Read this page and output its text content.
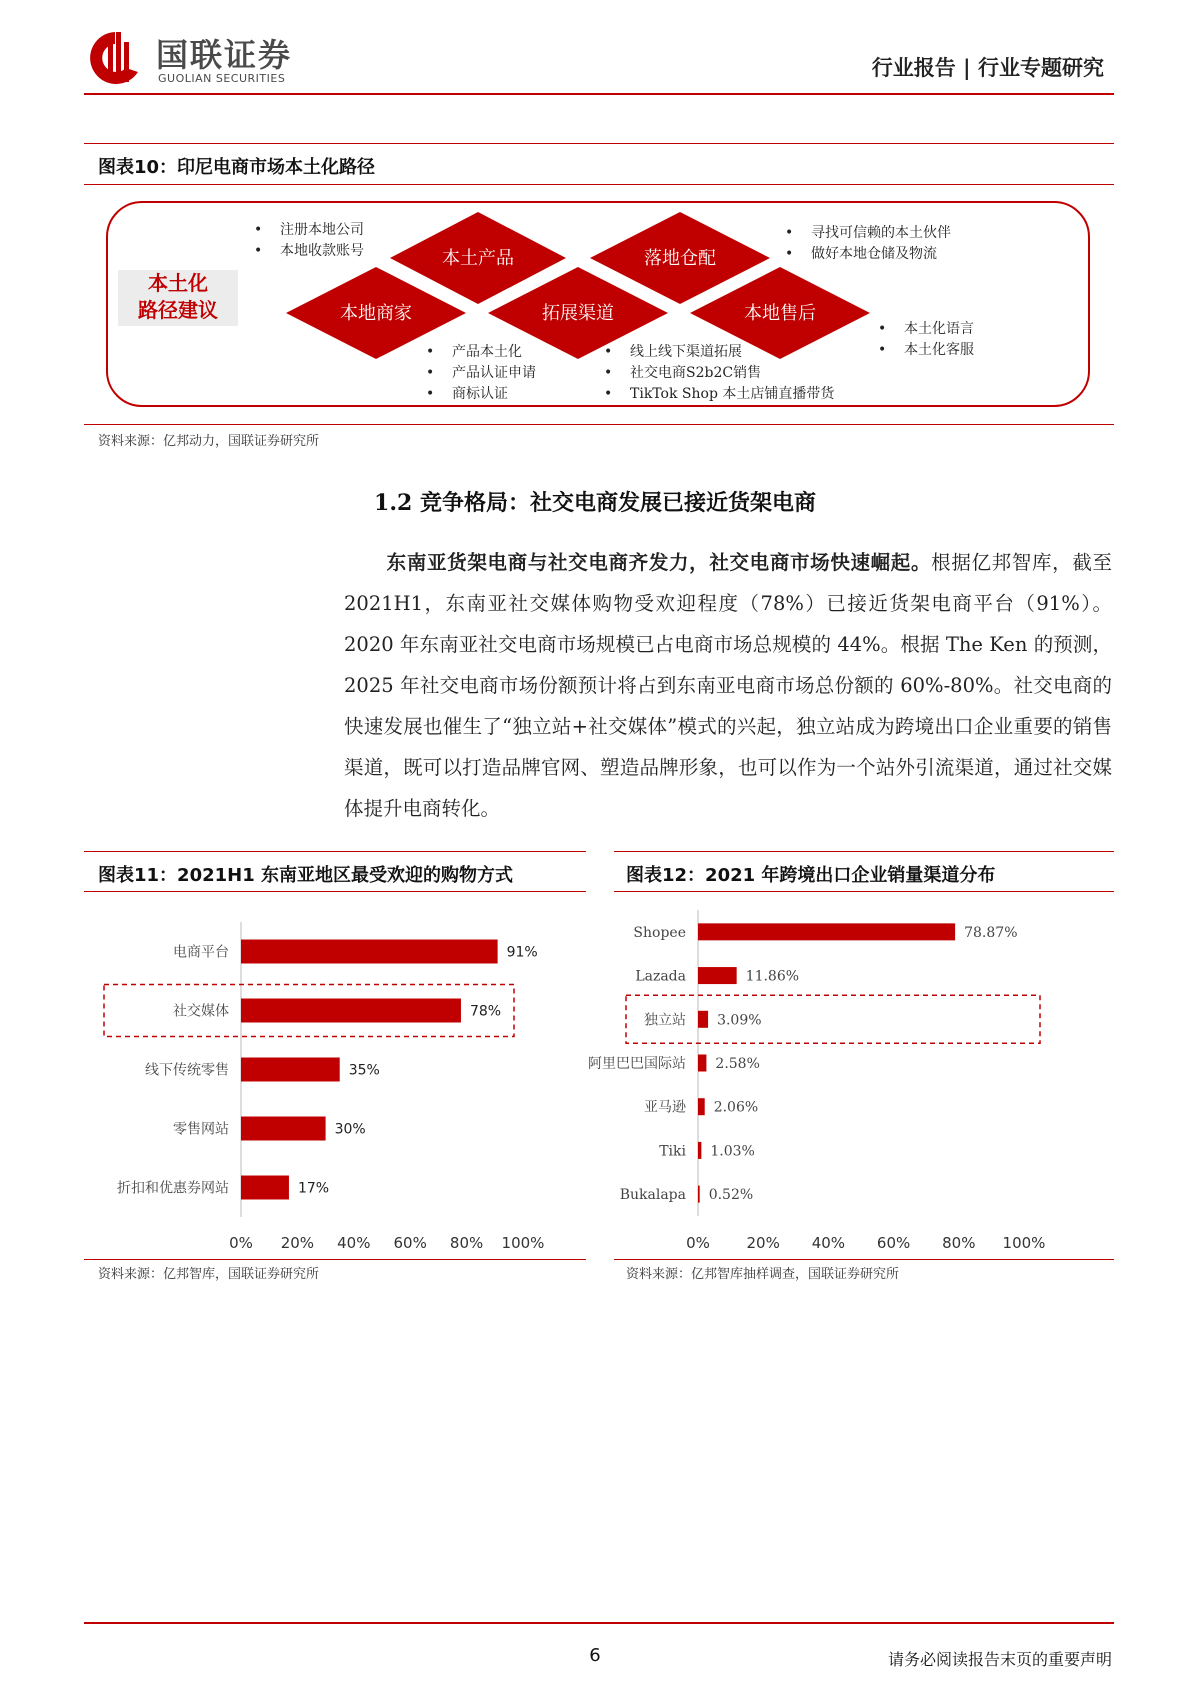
国联证券
GUOLIAN SECURITIES	行业报告 | 行业专题研究
图表10：印尼电商市场本土化路径
本土化
路径建议
本土产品	落地仓配
本地商家	拓展渠道	本地售后
• 注册本地公司
• 本地收款账号
• 寻找可信赖的本土伙伴
• 做好本地仓储及物流
• 产品本土化
• 产品认证申请
• 商标认证
• 线上线下渠道拓展
• 社交电商S2b2C销售
• TikTok Shop 本土店铺直播带货
• 本土化语言
• 本土化客服
资料来源：亿邦动力，国联证券研究所
1.2 竞争格局：社交电商发展已接近货架电商
东南亚货架电商与社交电商齐发力，社交电商市场快速崛起。根据亿邦智库，截至 2021H1，东南亚社交媒体购物受欢迎程度（78%）已接近货架电商平台（91%）。2020 年东南亚社交电商市场规模已占电商市场总规模的 44%。根据 The Ken 的预测，2025 年社交电商市场份额预计将占到东南亚电商市场总份额的 60%-80%。社交电商的快速发展也催生了“独立站+社交媒体”模式的兴起，独立站成为跨境出口企业重要的销售渠道，既可以打造品牌官网、塑造品牌形象，也可以作为一个站外引流渠道，通过社交媒体提升电商转化。
图表11：2021H1 东南亚地区最受欢迎的购物方式
电商平台	91%
社交媒体	78%
线下传统零售	35%
零售网站	30%
折扣和优惠券网站	17%
0% 20% 40% 60% 80% 100%
资料来源：亿邦智库，国联证券研究所
图表12：2021 年跨境出口企业销量渠道分布
Shopee	78.87%
Lazada	11.86%
独立站 3.09%
阿里巴巴国际站 2.58%
亚马逊 2.06%
Tiki 1.03%
Bukalapa 0.52%
0% 20% 40% 60% 80% 100%
资料来源：亿邦智库抽样调查，国联证券研究所
6	请务必阅读报告末页的重要声明
